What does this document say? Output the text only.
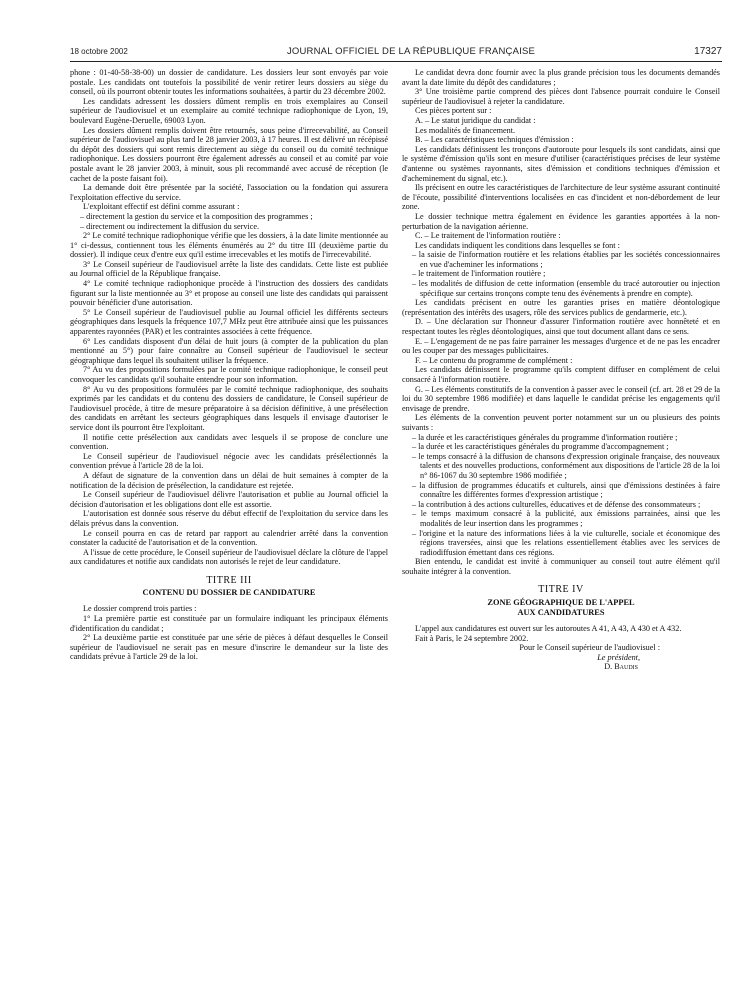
18 octobre 2002	JOURNAL OFFICIEL DE LA RÉPUBLIQUE FRANÇAISE	17327

phone : 01-40-58-38-00) un dossier de candidature. Les dossiers leur sont envoyés par voie postale. Les candidats ont toutefois la possibilité de venir retirer leurs dossiers au siège du conseil, où ils pourront obtenir toutes les informations souhaitées, à partir du 23 décembre 2002.

Les candidats adressent les dossiers dûment remplis en trois exemplaires au Conseil supérieur de l'audiovisuel et un exemplaire au comité technique radiophonique de Lyon, 19, boulevard Eugène-Deruelle, 69003 Lyon.

Les dossiers dûment remplis doivent être retournés, sous peine d'irrecevabilité, au Conseil supérieur de l'audiovisuel au plus tard le 28 janvier 2003, à 17 heures. Il est délivré un récépissé du dépôt des dossiers qui sont remis directement au siège du conseil ou du comité technique radiophonique. Les dossiers pourront être également adressés au conseil et au comité par voie postale avant le 28 janvier 2003, à minuit, sous pli recommandé avec accusé de réception (le cachet de la poste faisant foi).

La demande doit être présentée par la société, l'association ou la fondation qui assurera l'exploitation effective du service.

L'exploitant effectif est défini comme assurant :

– directement la gestion du service et la composition des programmes ;
– directement ou indirectement la diffusion du service.

2° Le comité technique radiophonique vérifie que les dossiers, à la date limite mentionnée au 1° ci-dessus, contiennent tous les éléments énumérés au 2° du titre III (deuxième partie du dossier). Il indique ceux d'entre eux qu'il estime irrecevables et les motifs de l'irrecevabilité.

3° Le Conseil supérieur de l'audiovisuel arrête la liste des candidats. Cette liste est publiée au Journal officiel de la République française.

4° Le comité technique radiophonique procède à l'instruction des dossiers des candidats figurant sur la liste mentionnée au 3° et propose au conseil une liste des candidats qui paraissent pouvoir bénéficier d'une autorisation.

5° Le Conseil supérieur de l'audiovisuel publie au Journal officiel les différents secteurs géographiques dans lesquels la fréquence 107,7 MHz peut être attribuée ainsi que les puissances apparentes rayonnées (PAR) et les contraintes associées à cette fréquence.

6° Les candidats disposent d'un délai de huit jours (à compter de la publication du plan mentionné au 5°) pour faire connaître au Conseil supérieur de l'audiovisuel le secteur géographique dans lequel ils souhaitent utiliser la fréquence.

7° Au vu des propositions formulées par le comité technique radiophonique, le conseil peut convoquer les candidats qu'il souhaite entendre pour son information.

8° Au vu des propositions formulées par le comité technique radiophonique, des souhaits exprimés par les candidats et du contenu des dossiers de candidature, le Conseil supérieur de l'audiovisuel procède, à titre de mesure préparatoire à sa décision définitive, à une présélection des candidats en arrêtant les secteurs géographiques dans lesquels il envisage d'autoriser le service dont ils pourront être l'exploitant.

Il notifie cette présélection aux candidats avec lesquels il se propose de conclure une convention.

Le Conseil supérieur de l'audiovisuel négocie avec les candidats présélectionnés la convention prévue à l'article 28 de la loi.

A défaut de signature de la convention dans un délai de huit semaines à compter de la notification de la décision de présélection, la candidature est rejetée.

Le Conseil supérieur de l'audiovisuel délivre l'autorisation et publie au Journal officiel la décision d'autorisation et les obligations dont elle est assortie.

L'autorisation est donnée sous réserve du début effectif de l'exploitation du service dans les délais prévus dans la convention.

Le conseil pourra en cas de retard par rapport au calendrier arrêté dans la convention constater la caducité de l'autorisation et de la convention.

A l'issue de cette procédure, le Conseil supérieur de l'audiovisuel déclare la clôture de l'appel aux candidatures et notifie aux candidats non autorisés le rejet de leur candidature.

TITRE III
CONTENU DU DOSSIER DE CANDIDATURE

Le dossier comprend trois parties :

1° La première partie est constituée par un formulaire indiquant les principaux éléments d'identification du candidat ;

2° La deuxième partie est constituée par une série de pièces à défaut desquelles le Conseil supérieur de l'audiovisuel ne serait pas en mesure d'inscrire le demandeur sur la liste des candidats prévue à l'article 29 de la loi.

Le candidat devra donc fournir avec la plus grande précision tous les documents demandés avant la date limite du dépôt des candidatures ;

3° Une troisième partie comprend des pièces dont l'absence pourrait conduire le Conseil supérieur de l'audiovisuel à rejeter la candidature.

Ces pièces portent sur :

A. – Le statut juridique du candidat :

Les modalités de financement.

B. – Les caractéristiques techniques d'émission :

Les candidats définissent les tronçons d'autoroute pour lesquels ils sont candidats, ainsi que le système d'émission qu'ils sont en mesure d'utiliser (caractéristiques précises de leur système d'antenne ou systèmes rayonnants, sites d'émission et conditions techniques d'émission et d'acheminement du signal, etc.).

Ils précisent en outre les caractéristiques de l'architecture de leur système assurant continuité de l'écoute, possibilité d'interventions localisées en cas d'incident et non-débordement de leur zone.

Le dossier technique mettra également en évidence les garanties apportées à la non-perturbation de la navigation aérienne.

C. – Le traitement de l'information routière :

Les candidats indiquent les conditions dans lesquelles se font :

– la saisie de l'information routière et les relations établies par les sociétés concessionnaires en vue d'acheminer les informations ;
– le traitement de l'information routière ;
– les modalités de diffusion de cette information (ensemble du tracé autoroutier ou injection spécifique sur certains tronçons compte tenu des événements à prendre en compte).

Les candidats précisent en outre les garanties prises en matière déontologique (représentation des intérêts des usagers, rôle des services publics de gendarmerie, etc.).

D. – Une déclaration sur l'honneur d'assurer l'information routière avec honnêteté et en respectant toutes les règles déontologiques, ainsi que tout document allant dans ce sens.

E. – L'engagement de ne pas faire parrainer les messages d'urgence et de ne pas les encadrer ou les couper par des messages publicitaires.

F. – Le contenu du programme de complément :

Les candidats définissent le programme qu'ils comptent diffuser en complément de celui consacré à l'information routière.

G. – Les éléments constitutifs de la convention à passer avec le conseil (cf. art. 28 et 29 de la loi du 30 septembre 1986 modifiée) et dans laquelle le candidat précise les engagements qu'il envisage de prendre.

Les éléments de la convention peuvent porter notamment sur un ou plusieurs des points suivants :

– la durée et les caractéristiques générales du programme d'information routière ;
– la durée et les caractéristiques générales du programme d'accompagnement ;
– le temps consacré à la diffusion de chansons d'expression originale française, des nouveaux talents et des nouvelles productions, conformément aux dispositions de l'article 28 de la loi n° 86-1067 du 30 septembre 1986 modifiée ;
– la diffusion de programmes éducatifs et culturels, ainsi que d'émissions destinées à faire connaître les différentes formes d'expression artistique ;
– la contribution à des actions culturelles, éducatives et de défense des consommateurs ;
– le temps maximum consacré à la publicité, aux émissions parrainées, ainsi que les modalités de leur insertion dans les programmes ;
– l'origine et la nature des informations liées à la vie culturelle, sociale et économique des régions traversées, ainsi que les relations essentiellement établies avec les services de radiodiffusion émettant dans ces régions.

Bien entendu, le candidat est invité à communiquer au conseil tout autre élément qu'il souhaite intégrer à la convention.

TITRE IV
ZONE GÉOGRAPHIQUE DE L'APPEL
AUX CANDIDATURES

L'appel aux candidatures est ouvert sur les autoroutes A 41, A 43, A 430 et A 432.

Fait à Paris, le 24 septembre 2002.

Pour le Conseil supérieur de l'audiovisuel :
Le président,
D. Baudis
